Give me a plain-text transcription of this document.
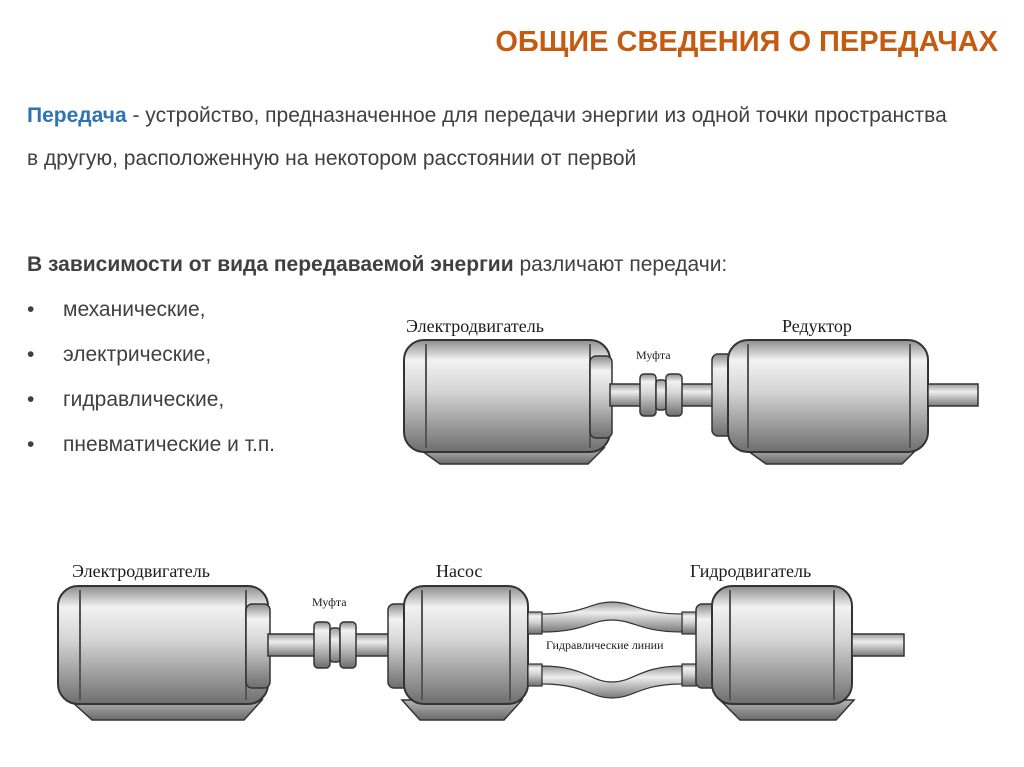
ОБЩИЕ СВЕДЕНИЯ О ПЕРЕДАЧАХ
Передача - устройство, предназначенное для передачи энергии из одной точки пространства в другую, расположенную на некотором расстоянии от первой
В зависимости от вида передаваемой энергии различают передачи:
• механические,
• электрические,
• гидравлические,
• пневматические и т.п.
Электродвигатель
Муфта
Редуктор
Электродвигатель
Муфта
Насос	Гидродвигатель
Гидравлические линии
